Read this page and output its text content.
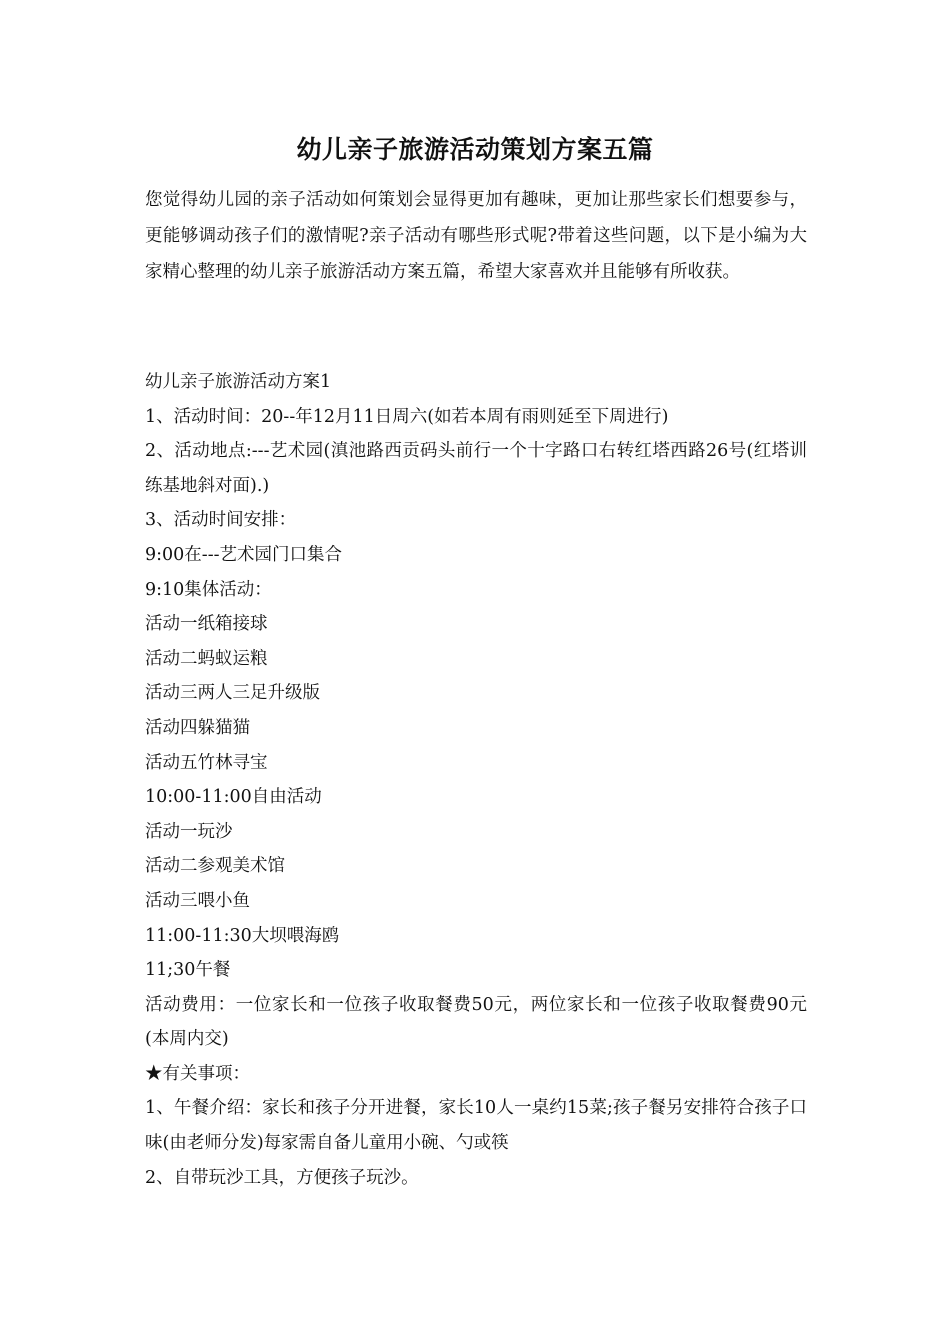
幼儿亲子旅游活动策划方案五篇

您觉得幼儿园的亲子活动如何策划会显得更加有趣味，更加让那些家长们想要参与，更能够调动孩子们的激情呢?亲子活动有哪些形式呢?带着这些问题，以下是小编为大家精心整理的幼儿亲子旅游活动方案五篇，希望大家喜欢并且能够有所收获。

幼儿亲子旅游活动方案1
1、活动时间：20--年12月11日周六(如若本周有雨则延至下周进行)
2、活动地点:---艺术园(滇池路西贡码头前行一个十字路口右转红塔西路26号(红塔训练基地斜对面).)
3、活动时间安排：
9:00在---艺术园门口集合
9:10集体活动：
活动一纸箱接球
活动二蚂蚁运粮
活动三两人三足升级版
活动四躲猫猫
活动五竹林寻宝
10:00-11:00自由活动
活动一玩沙
活动二参观美术馆
活动三喂小鱼
11:00-11:30大坝喂海鸥
11;30午餐
活动费用：一位家长和一位孩子收取餐费50元，两位家长和一位孩子收取餐费90元(本周内交)
★有关事项：
1、午餐介绍：家长和孩子分开进餐，家长10人一桌约15菜;孩子餐另安排符合孩子口味(由老师分发)每家需自备儿童用小碗、勺或筷
2、自带玩沙工具，方便孩子玩沙。
